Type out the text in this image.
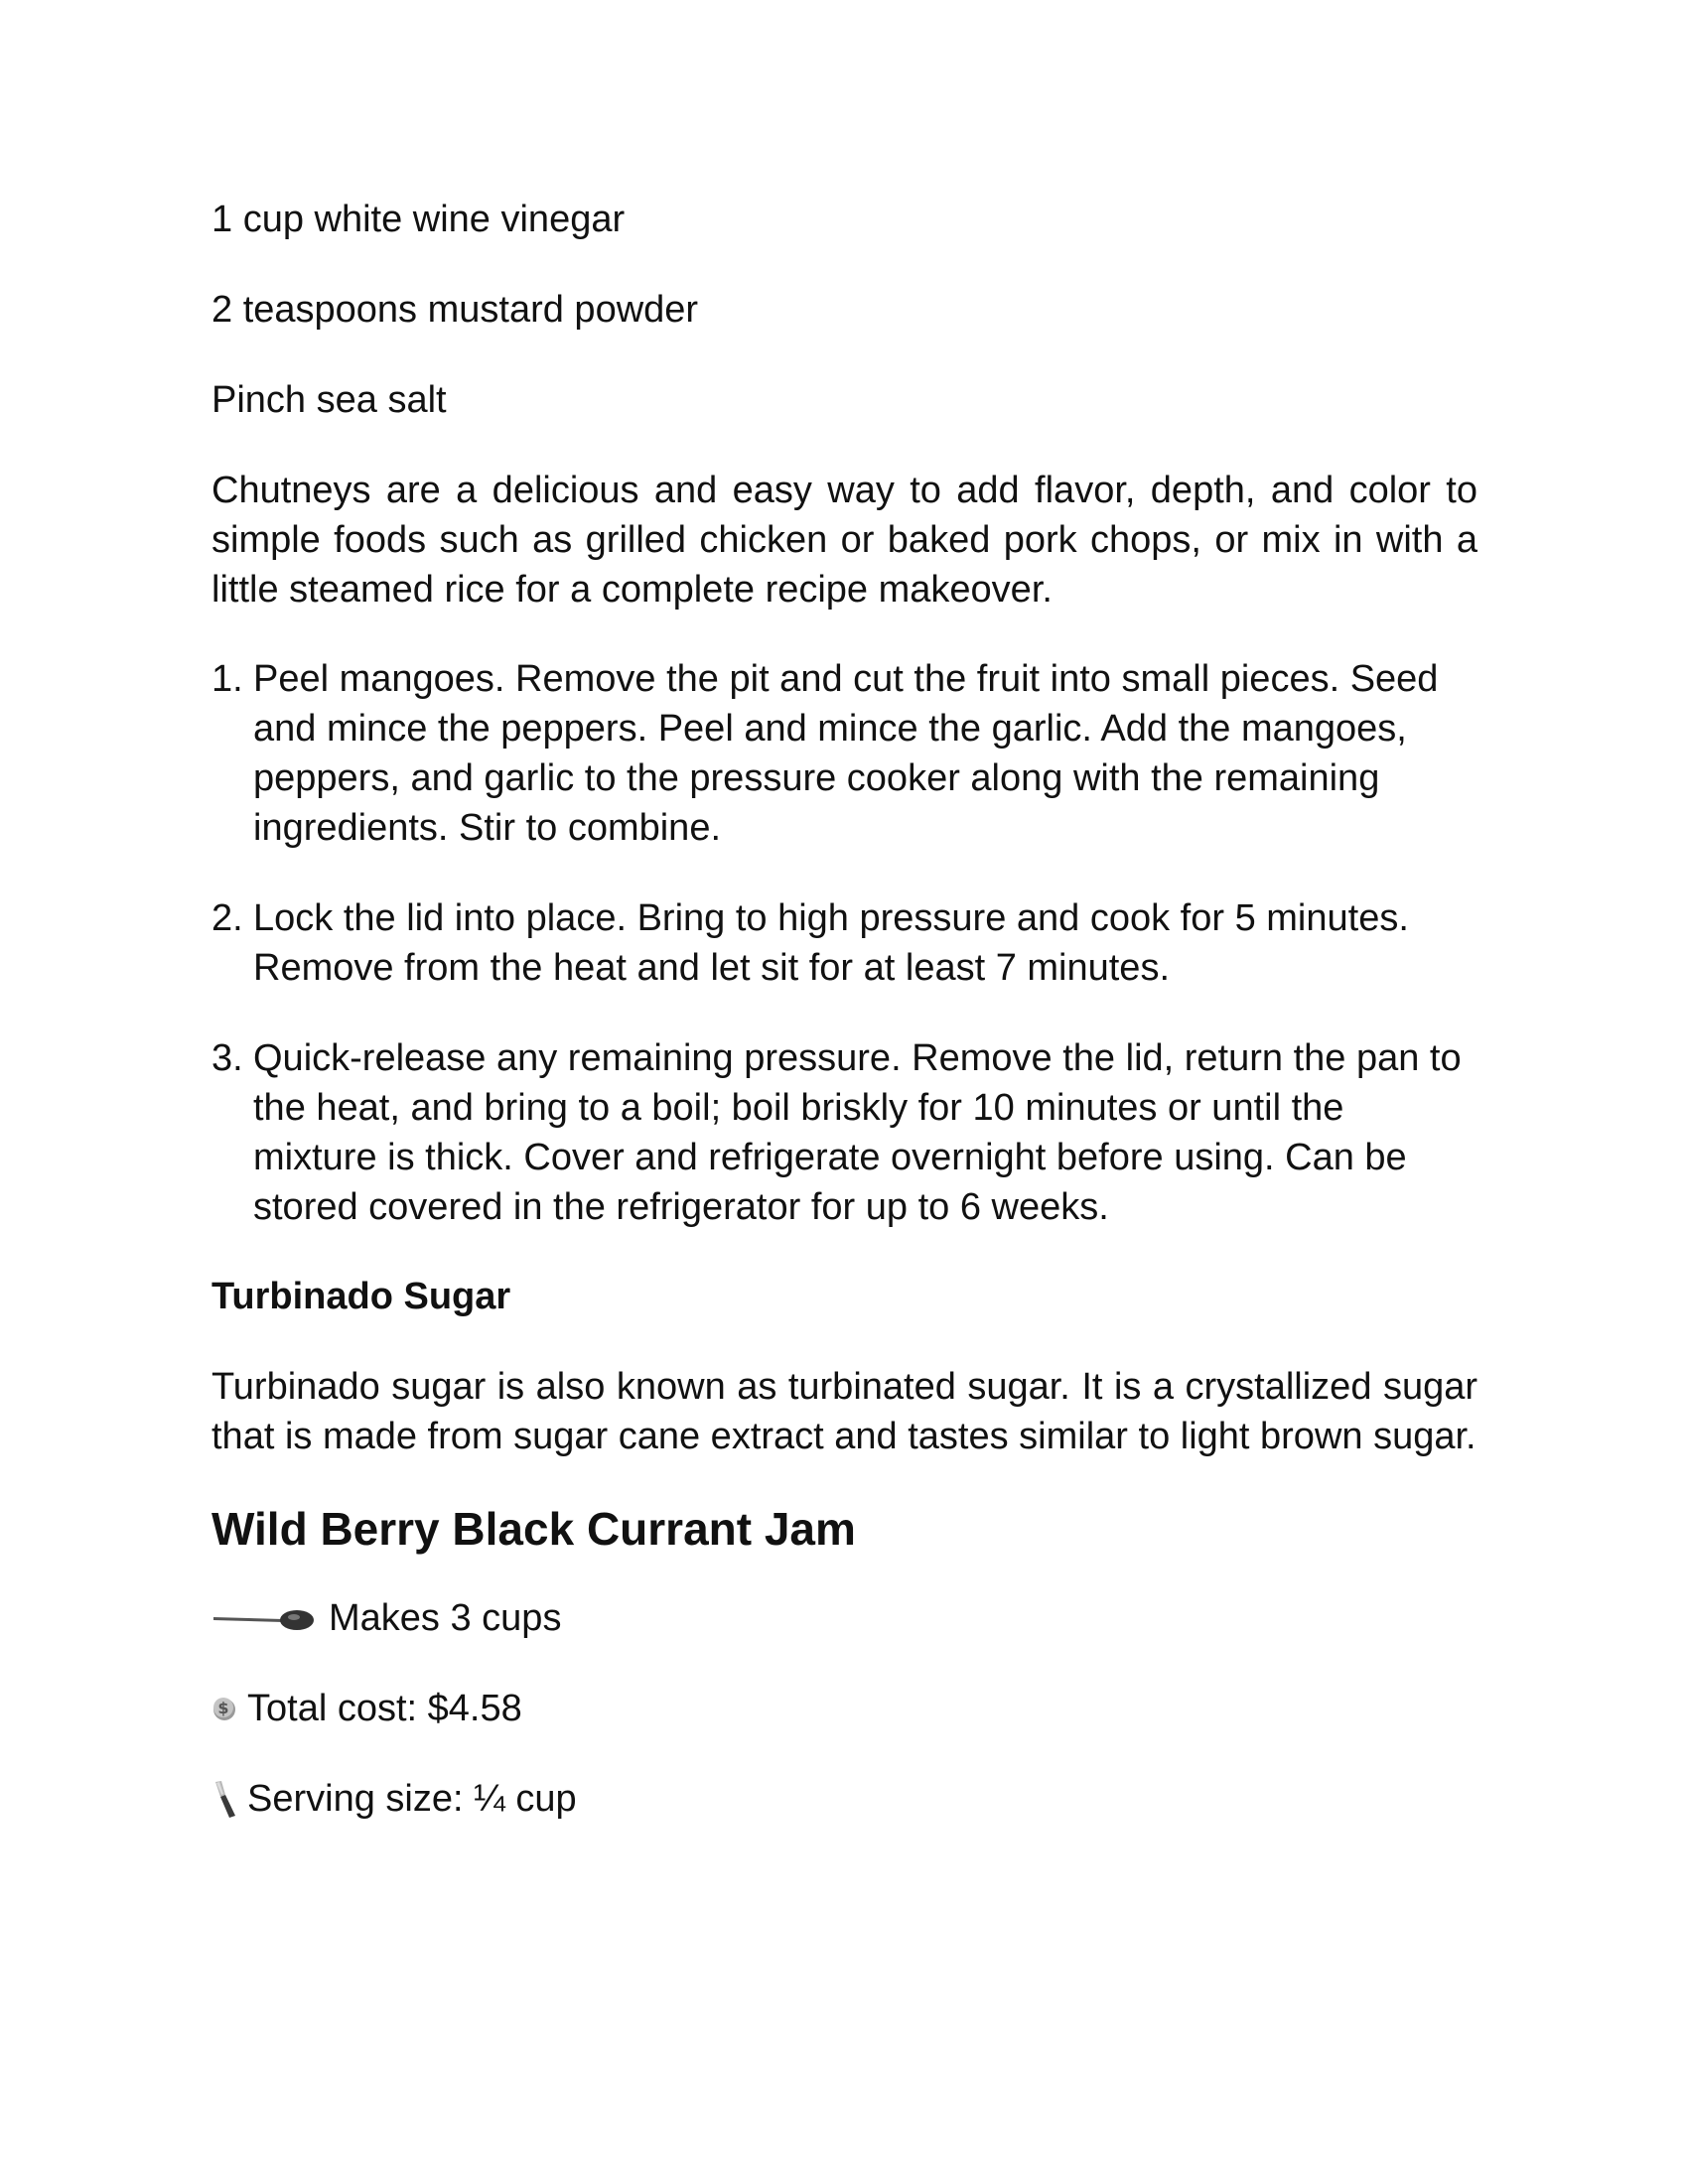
1 cup white wine vinegar

2 teaspoons mustard powder

Pinch sea salt

Chutneys are a delicious and easy way to add flavor, depth, and color to simple foods such as grilled chicken or baked pork chops, or mix in with a little steamed rice for a complete recipe makeover.

1. Peel mangoes. Remove the pit and cut the fruit into small pieces. Seed and mince the peppers. Peel and mince the garlic. Add the mangoes, peppers, and garlic to the pressure cooker along with the remaining ingredients. Stir to combine.
2. Lock the lid into place. Bring to high pressure and cook for 5 minutes. Remove from the heat and let sit for at least 7 minutes.
3. Quick-release any remaining pressure. Remove the lid, return the pan to the heat, and bring to a boil; boil briskly for 10 minutes or until the mixture is thick. Cover and refrigerate overnight before using. Can be stored covered in the refrigerator for up to 6 weeks.
Turbinado Sugar

Turbinado sugar is also known as turbinated sugar. It is a crystallized sugar that is made from sugar cane extract and tastes similar to light brown sugar.

Wild Berry Black Currant Jam
Makes 3 cups
$ Total cost: $4.58
Serving size: ¼ cup
